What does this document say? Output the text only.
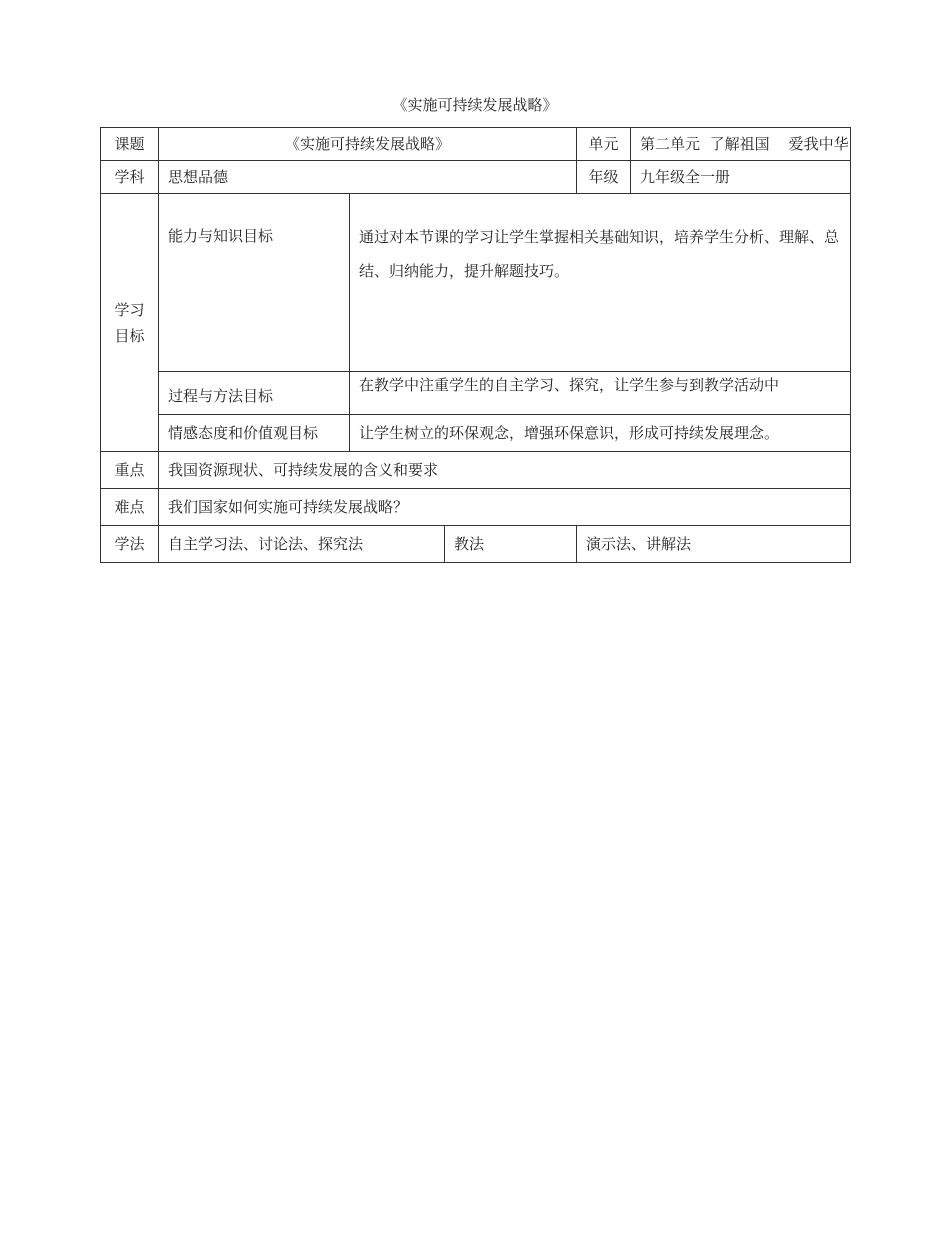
《实施可持续发展战略》
课题	《实施可持续发展战略》			单元	第二单元  了解祖国    爱我中华
学科	思想品德			年级	九年级全一册
学习
目标	能力与知识目标	通过对本节课的学习让学生掌握相关基础知识，培养学生分析、理解、总结、归纳能力，提升解题技巧。			
	过程与方法目标	在教学中注重学生的自主学习、探究，让学生参与到教学活动中			
	情感态度和价值观目标	让学生树立的环保观念，增强环保意识，形成可持续发展理念。			
重点	我国资源现状、可持续发展的含义和要求				
难点	我们国家如何实施可持续发展战略？				
学法	自主学习法、讨论法、探究法		教法	演示法、讲解法	
